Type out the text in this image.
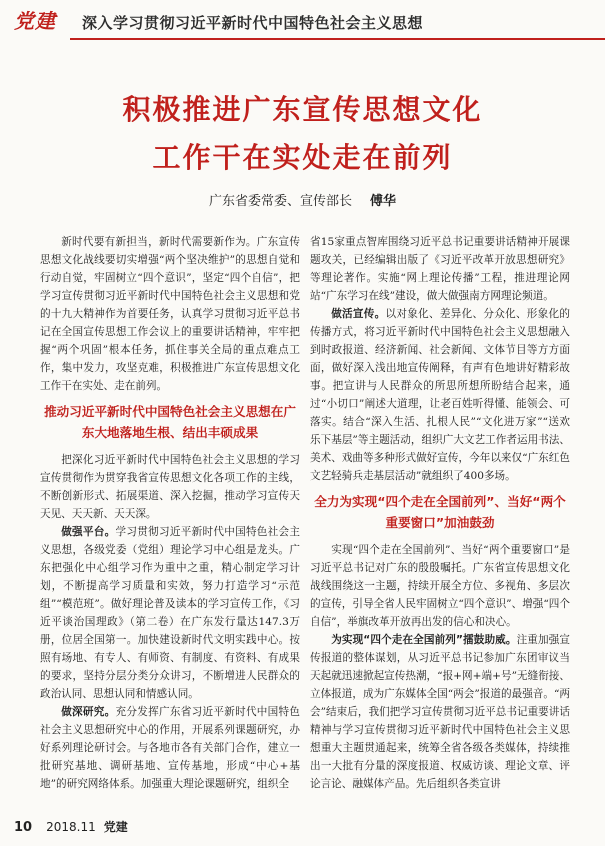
党建	深入学习贯彻习近平新时代中国特色社会主义思想
积极推进广东宣传思想文化
工作干在实处走在前列
广东省委常委、宣传部长 傅华

新时代要有新担当，新时代需要新作为。广东宣传思想文化战线要切实增强“两个坚决维护”的思想自觉和行动自觉，牢固树立“四个意识”，坚定“四个自信”，把学习宣传贯彻习近平新时代中国特色社会主义思想和党的十九大精神作为首要任务，认真学习贯彻习近平总书记在全国宣传思想工作会议上的重要讲话精神，牢牢把握“两个巩固”根本任务，抓住事关全局的重点难点工作，集中发力，攻坚克难，积极推进广东宣传思想文化工作干在实处、走在前列。

推动习近平新时代中国特色社会主义思想在广东大地落地生根、结出丰硕成果

把深化习近平新时代中国特色社会主义思想的学习宣传贯彻作为贯穿我省宣传思想文化各项工作的主线，不断创新形式、拓展渠道、深入挖掘，推动学习宣传天天见、天天新、天天深。

做强平台。学习贯彻习近平新时代中国特色社会主义思想，各级党委（党组）理论学习中心组是龙头。广东把强化中心组学习作为重中之重，精心制定学习计划，不断提高学习质量和实效，努力打造学习“示范组”“模范班”。做好理论普及读本的学习宣传工作，《习近平谈治国理政》（第二卷）在广东发行量达147.3万册，位居全国第一。加快建设新时代文明实践中心。按照有场地、有专人、有师资、有制度、有资料、有成果的要求，坚持分层分类分众讲习，不断增进人民群众的政治认同、思想认同和情感认同。

做深研究。充分发挥广东省习近平新时代中国特色社会主义思想研究中心的作用，开展系列课题研究，办好系列理论研讨会。与各地市各有关部门合作，建立一批研究基地、调研基地、宣传基地，形成“中心+基地”的研究网络体系。加强重大理论课题研究，组织全

省15家重点智库围绕习近平总书记重要讲话精神开展课题攻关，已经编辑出版了《习近平改革开放思想研究》等理论著作。实施“网上理论传播”工程，推进理论网站“广东学习在线”建设，做大做强南方网理论频道。

做活宣传。以对象化、差异化、分众化、形象化的传播方式，将习近平新时代中国特色社会主义思想融入到时政报道、经济新闻、社会新闻、文体节目等方方面面，做好深入浅出地宣传阐释，有声有色地讲好精彩故事。把宣讲与人民群众的所思所想所盼结合起来，通过“小切口”阐述大道理，让老百姓听得懂、能领会、可落实。结合“深入生活、扎根人民”“文化进万家”“送欢乐下基层”等主题活动，组织广大文艺工作者运用书法、美术、戏曲等多种形式做好宣传，今年以来仅“广东红色文艺轻骑兵走基层活动”就组织了400多场。

全力为实现“四个走在全国前列”、当好“两个重要窗口”加油鼓劲

实现“四个走在全国前列”、当好“两个重要窗口”是习近平总书记对广东的殷殷嘱托。广东省宣传思想文化战线围绕这一主题，持续开展全方位、多视角、多层次的宣传，引导全省人民牢固树立“四个意识”、增强“四个自信”，举旗改革开放再出发的信心和决心。

为实现“四个走在全国前列”擂鼓助威。注重加强宣传报道的整体谋划，从习近平总书记参加广东团审议当天起就迅速掀起宣传热潮，“报+网+端+号”无缝衔接、立体报道，成为广东媒体全国“两会”报道的最强音。“两会”结束后，我们把学习宣传贯彻习近平总书记重要讲话精神与学习宣传贯彻习近平新时代中国特色社会主义思想重大主题贯通起来，统筹全省各级各类媒体，持续推出一大批有分量的深度报道、权威访谈、理论文章、评论言论、融媒体产品。先后组织各类宣讲

10 2018.11 党建
